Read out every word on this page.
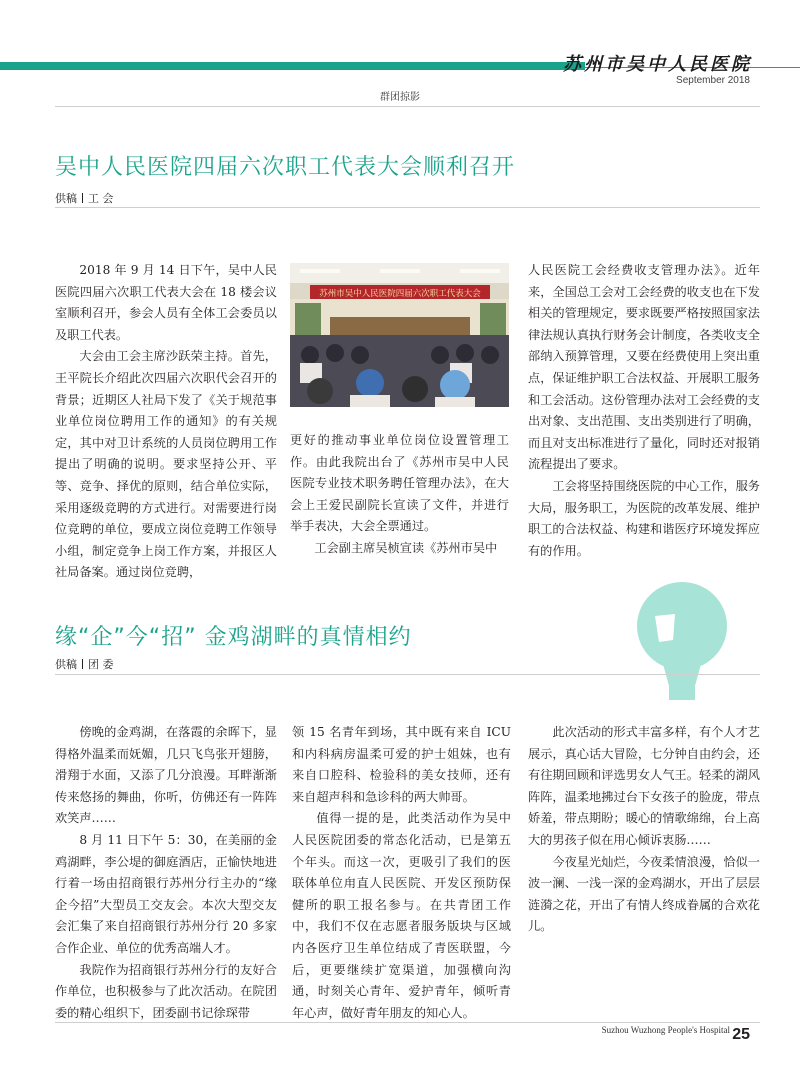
苏州市吴中人民医院
September 2018
群团掠影
吴中人民医院四届六次职工代表大会顺利召开
供稿 工 会

2018 年 9 月 14 日下午，吴中人民医院四届六次职工代表大会在 18 楼会议室顺利召开，参会人员有全体工会委员以及职工代表。

大会由工会主席沙跃荣主持。首先，王平院长介绍此次四届六次职代会召开的背景；近期区人社局下发了《关于规范事业单位岗位聘用工作的通知》的有关规定，其中对卫计系统的人员岗位聘用工作提出了明确的说明。要求坚持公开、平等、竞争、择优的原则，结合单位实际，采用逐级竞聘的方式进行。对需要进行岗位竞聘的单位，要成立岗位竞聘工作领导小组，制定竞争上岗工作方案，并报区人社局备案。通过岗位竞聘，

苏州市吴中人民医院四届六次职工代表大会

更好的推动事业单位岗位设置管理工作。由此我院出台了《苏州市吴中人民医院专业技术职务聘任管理办法》，在大会上王爱民副院长宣读了文件，并进行举手表决，大会全票通过。

工会副主席吴桢宣读《苏州市吴中

人民医院工会经费收支管理办法》。近年来，全国总工会对工会经费的收支也在下发相关的管理规定，要求既要严格按照国家法律法规认真执行财务会计制度，各类收支全部纳入预算管理，又要在经费使用上突出重点，保证维护职工合法权益、开展职工服务和工会活动。这份管理办法对工会经费的支出对象、支出范围、支出类别进行了明确，而且对支出标准进行了量化，同时还对报销流程提出了要求。

工会将坚持围绕医院的中心工作，服务大局，服务职工，为医院的改革发展、维护职工的合法权益、构建和谐医疗环境发挥应有的作用。

缘“企”今“招” 金鸡湖畔的真情相约
供稿 团 委

傍晚的金鸡湖，在落霞的余晖下，显得格外温柔而妩媚，几只飞鸟张开翅膀，滑翔于水面，又添了几分浪漫。耳畔渐渐传来悠扬的舞曲，你听，仿佛还有一阵阵欢笑声……

8 月 11 日下午 5：30，在美丽的金鸡湖畔，李公堤的御庭酒店，正愉快地进行着一场由招商银行苏州分行主办的“缘企今招”大型员工交友会。本次大型交友会汇集了来自招商银行苏州分行 20 多家合作企业、单位的优秀高端人才。

我院作为招商银行苏州分行的友好合作单位，也积极参与了此次活动。在院团委的精心组织下，团委副书记徐琛带

领 15 名青年到场，其中既有来自 ICU 和内科病房温柔可爱的护士姐妹，也有来自口腔科、检验科的美女技师，还有来自超声科和急诊科的两大帅哥。

值得一提的是，此类活动作为吴中人民医院团委的常态化活动，已是第五个年头。而这一次，更吸引了我们的医联体单位甪直人民医院、开发区预防保健所的职工报名参与。在共青团工作中，我们不仅在志愿者服务版块与区域内各医疗卫生单位结成了青医联盟，今后，更要继续扩宽渠道，加强横向沟通，时刻关心青年、爱护青年，倾听青年心声，做好青年朋友的知心人。

此次活动的形式丰富多样，有个人才艺展示，真心话大冒险，七分钟自由约会，还有往期回顾和评选男女人气王。轻柔的湖风阵阵，温柔地拂过台下女孩子的脸庞，带点娇羞，带点期盼；暖心的情歌绵绵，台上高大的男孩子似在用心倾诉衷肠……

今夜星光灿烂，今夜柔情浪漫，恰似一波一澜、一浅一深的金鸡湖水，开出了层层涟漪之花，开出了有情人终成眷属的合欢花儿。

Suzhou Wuzhong People's Hospital 25
